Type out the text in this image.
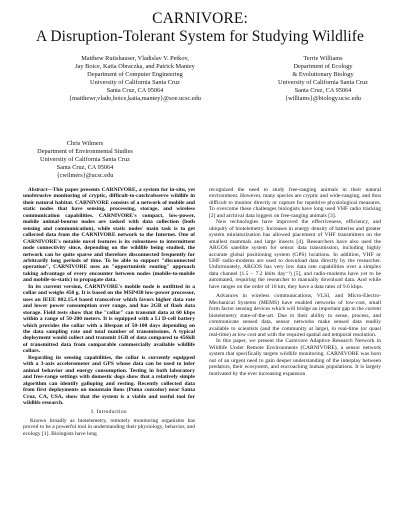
CARNIVORE:
A Disruption-Tolerant System for Studying Wildlife
Matthew Rutishauser, Vladislav V. Petkov,
Jay Boice, Katia Obraczka, and Patrick Mantey
Department of Computer Engineering
University of California Santa Cruz
Santa Cruz, CA 95064
{matthewr,vlado,boice,katia,mantey}@soe.ucsc.edu
Terrie Williams
Department of Ecology
& Evolutionary Biology
University of California Santa Cruz
Santa Cruz, CA 95064
{williams}@biology.ucsc.edu
Chris Wilmers
Department of Environmental Studies
University of California Santa Cruz
Santa Cruz, CA 95064
{cwilmers}@ucsc.edu

Abstract—This paper presents CARNIVORE, a system for in-situ, yet unobtrusive monitoring of cryptic, difficult-to-catch/observe wildlife in their natural habitat. CARNIVORE consists of a network of mobile and static nodes that have sensing, processing, storage, and wireless communication capabilities. CARNIVORE's compact, low-power, mobile animal-bourne nodes are tasked with data collection (both sensing and communication), while static nodes' main task is to get collected data from the CARNIVORE network to the Internet. One of CARNIVORE's notable novel features is its robustness to intermittent node connectivity since, depending on the wildlife being studied, the network can be quite sparse and therefore disconnected frequently for arbitrarily long periods of time. To be able to support "disconnected operation", CARNIVORE uses an "opportunistic routing" approach taking advantage of every encounter between nodes (mobile-to-mobile and mobile-to-static) to propagate data.

In its current version, CARNIVORE's mobile node is outfitted in a collar and weighs 450 g. It is based on the MSP430 low-power processor, uses an IEEE 802.15.4 based transceiver which favors higher data rate and lower power consumption over range, and has 2GB of flash data storage. Field tests show that the "collar" can transmit data at 60 kbps within a range of 50-200 meters. It is equipped with a Li D-cell battery which provides the collar with a lifespan of 50-100 days depending on the data sampling rate and total number of transmissions. A typical deployment would collect and transmit 1GB of data compared to 456kB of transmitted data from comparable commercially available wildlife collars.

Regarding its sensing capabilities, the collar is currently equipped with a 3-axis accelerometer and GPS whose data can be used to infer animal behavior and energy consumption. Testing in both laboratory and free-range settings with domestic dogs show that a relatively simple algorithm can identify galloping and resting. Recently collected data from first deployments on mountain lions (Puma concolor) near Santa Cruz, CA, USA, show that the system is a viable and useful tool for wildlife research.

I. Introduction

Known broadly as biotelemetry, remotely monitoring organisms has proved to be a powerful tool in understanding their physiology, behavior, and ecology [1]. Biologists have long

recognized the need to study free-ranging animals in their natural environment. However, many species are cryptic and wide-ranging, and thus difficult to monitor directly or capture for repetitive physiological measures. To overcome these challenges biologists have long used VHF radio tracking [2] and archival data loggers on free-ranging animals [3].

New technologies have improved the effectiveness, efficiency, and ubiquity of biotelemetry. Increases in energy density of batteries and greater system miniaturization has allowed placement of VHF transmitters on the smallest mammals and large insects [4]. Researchers have also used the ARGOS satellite system for sensor data transmission, including highly accurate global positioning system (GPS) locations. In addition, VHF or UHF radio-modems are used to download data directly by the researcher. Unfortunately, ARGOS has very low data rate capabilities over a simplex data channel (1.5 − 7.2 kbits day⁻¹) [5], and radio-modems have yet to be automated, requiring the researcher to manually download data. And while have ranges on the order of 10 km, they have a data rates of 9.6 kbps.

Advances in wireless communications, VLSI, and Micro-Electro-Mechanical Systems (MEMS) have enabled networks of low-cost, small form factor sensing devices which will bridge an important gap in the current biotelemetry state-of-the-art. Due to their ability to sense, process, and communicate sensed data, sensor networks make sensed data readily available to scientists (and the community at large), in real-time (or quasi real-time) at low cost and with the required spatial and temporal resolution.

In this paper, we present the Carnivore Adaptive Research Network in Wildlife Under Remote Environments (CARNIVORE), a sensor network system that specifically targets wildlife monitoring. CARNIVORE was born out of an urgent need to gain deeper understanding of the interplay between predators, their ecosystem, and encroaching human populations. It is largely motivated by the ever increasing expansion
